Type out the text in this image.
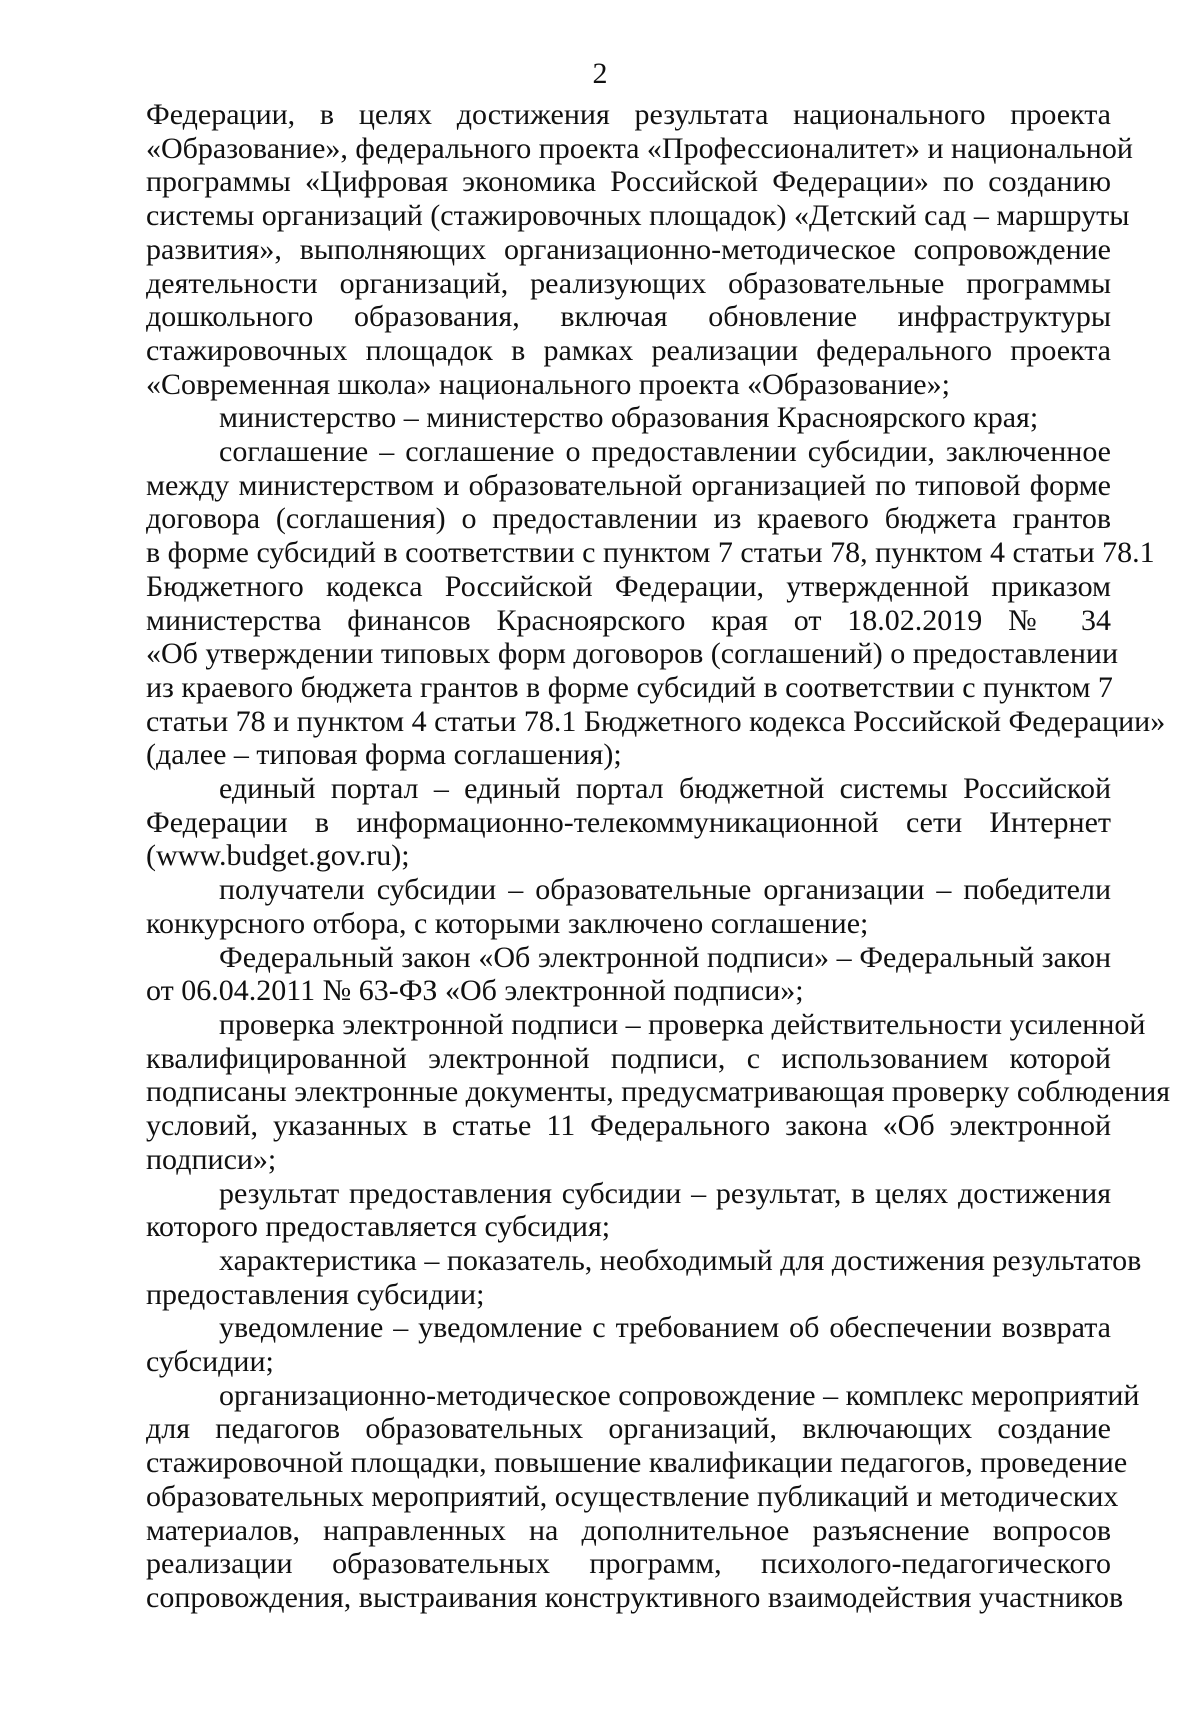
2
Федерации, в целях достижения результата национального проекта
«Образование», федерального проекта «Профессионалитет» и национальной
программы «Цифровая экономика Российской Федерации» по созданию
системы организаций (стажировочных площадок) «Детский сад – маршруты
развития», выполняющих организационно-методическое сопровождение
деятельности организаций, реализующих образовательные программы
дошкольного образования, включая обновление инфраструктуры
стажировочных площадок в рамках реализации федерального проекта
«Современная школа» национального проекта «Образование»;
министерство – министерство образования Красноярского края;
соглашение – соглашение о предоставлении субсидии, заключенное
между министерством и образовательной организацией по типовой форме
договора (соглашения) о предоставлении из краевого бюджета грантов
в форме субсидий в соответствии с пунктом 7 статьи 78, пунктом 4 статьи 78.1
Бюджетного кодекса Российской Федерации, утвержденной приказом
министерства финансов Красноярского края от 18.02.2019 № 34
«Об утверждении типовых форм договоров (соглашений) о предоставлении
из краевого бюджета грантов в форме субсидий в соответствии с пунктом 7
статьи 78 и пунктом 4 статьи 78.1 Бюджетного кодекса Российской Федерации»
(далее – типовая форма соглашения);
единый портал – единый портал бюджетной системы Российской
Федерации в информационно-телекоммуникационной сети Интернет
(www.budget.gov.ru);
получатели субсидии – образовательные организации – победители
конкурсного отбора, с которыми заключено соглашение;
Федеральный закон «Об электронной подписи» – Федеральный закон
от 06.04.2011 № 63-ФЗ «Об электронной подписи»;
проверка электронной подписи – проверка действительности усиленной
квалифицированной электронной подписи, с использованием которой
подписаны электронные документы, предусматривающая проверку соблюдения
условий, указанных в статье 11 Федерального закона «Об электронной
подписи»;
результат предоставления субсидии – результат, в целях достижения
которого предоставляется субсидия;
характеристика – показатель, необходимый для достижения результатов
предоставления субсидии;
уведомление – уведомление с требованием об обеспечении возврата
субсидии;
организационно-методическое сопровождение – комплекс мероприятий
для педагогов образовательных организаций, включающих создание
стажировочной площадки, повышение квалификации педагогов, проведение
образовательных мероприятий, осуществление публикаций и методических
материалов, направленных на дополнительное разъяснение вопросов
реализации образовательных программ, психолого-педагогического
сопровождения, выстраивания конструктивного взаимодействия участников
